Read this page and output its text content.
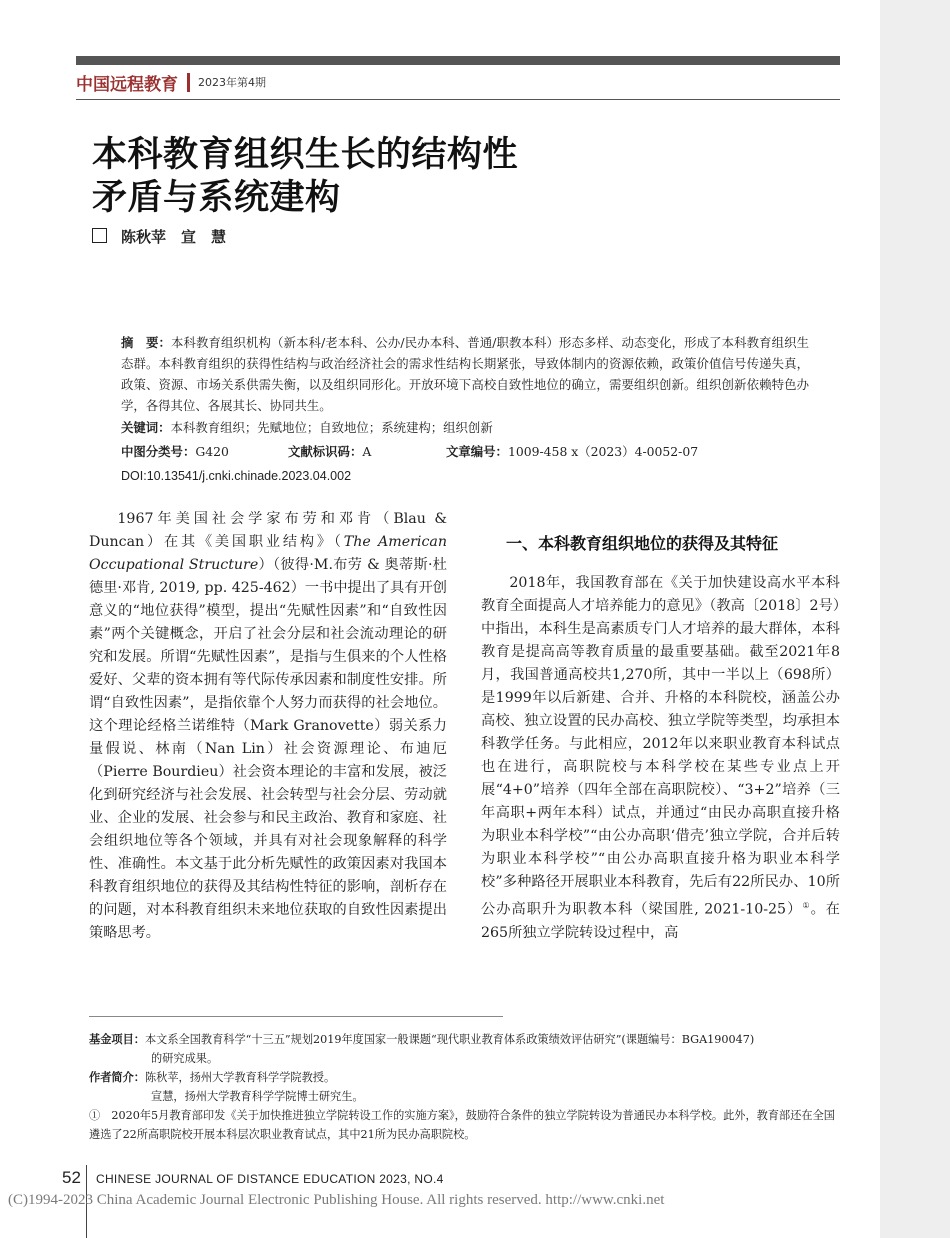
中国远程教育 2023年第4期
本科教育组织生长的结构性
矛盾与系统建构
陈秋苹　宣　慧

摘　要：本科教育组织机构（新本科/老本科、公办/民办本科、普通/职教本科）形态多样、动态变化，形成了本科教育组织生态群。本科教育组织的获得性结构与政治经济社会的需求性结构长期紧张，导致体制内的资源依赖，政策价值信号传递失真，政策、资源、市场关系供需失衡，以及组织同形化。开放环境下高校自致性地位的确立，需要组织创新。组织创新依赖特色办学，各得其位、各展其长、协同共生。

关键词：本科教育组织；先赋地位；自致地位；系统建构；组织创新

中图分类号：G420	文献标识码：A	文章编号：1009-458 x（2023）4-0052-07

DOI:10.13541/j.cnki.chinade.2023.04.002

1967年美国社会学家布劳和邓肯（Blau & Duncan）在其《美国职业结构》（The American Occupational Structure）（彼得·M.布劳 & 奥蒂斯·杜德里·邓肯, 2019, pp. 425-462）一书中提出了具有开创意义的“地位获得”模型，提出“先赋性因素”和“自致性因素”两个关键概念，开启了社会分层和社会流动理论的研究和发展。所谓“先赋性因素”，是指与生俱来的个人性格爱好、父辈的资本拥有等代际传承因素和制度性安排。所谓“自致性因素”，是指依靠个人努力而获得的社会地位。这个理论经格兰诺维特（Mark Granovette）弱关系力量假说、林南（Nan Lin）社会资源理论、布迪厄（Pierre Bourdieu）社会资本理论的丰富和发展，被泛化到研究经济与社会发展、社会转型与社会分层、劳动就业、企业的发展、社会参与和民主政治、教育和家庭、社会组织地位等各个领域，并具有对社会现象解释的科学性、准确性。本文基于此分析先赋性的政策因素对我国本科教育组织地位的获得及其结构性特征的影响，剖析存在的问题，对本科教育组织未来地位获取的自致性因素提出策略思考。

一、本科教育组织地位的获得及其特征

2018年，我国教育部在《关于加快建设高水平本科教育全面提高人才培养能力的意见》（教高〔2018〕2号）中指出，本科生是高素质专门人才培养的最大群体，本科教育是提高高等教育质量的最重要基础。截至2021年8月，我国普通高校共1,270所，其中一半以上（698所）是1999年以后新建、合并、升格的本科院校，涵盖公办高校、独立设置的民办高校、独立学院等类型，均承担本科教学任务。与此相应，2012年以来职业教育本科试点也在进行，高职院校与本科学校在某些专业点上开展“4+0”培养（四年全部在高职院校）、“3+2”培养（三年高职+两年本科）试点，并通过“由民办高职直接升格为职业本科学校”“由公办高职‘借壳’独立学院，合并后转为职业本科学校”“由公办高职直接升格为职业本科学校”多种路径开展职业本科教育，先后有22所民办、10所公办高职升为职教本科（梁国胜, 2021-10-25）①。在265所独立学院转设过程中，高

基金项目：本文系全国教育科学“十三五”规划2019年度国家一般课题“现代职业教育体系政策绩效评估研究”(课题编号：BGA190047)

的研究成果。

作者简介：陈秋苹，扬州大学教育科学学院教授。

宣慧，扬州大学教育科学学院博士研究生。

①　2020年5月教育部印发《关于加快推进独立学院转设工作的实施方案》，鼓励符合条件的独立学院转设为普通民办本科学校。此外，教育部还在全国遴选了22所高职院校开展本科层次职业教育试点，其中21所为民办高职院校。

52 CHINESE JOURNAL OF DISTANCE EDUCATION 2023, NO.4
(C)1994-2023 China Academic Journal Electronic Publishing House. All rights reserved. http://www.cnki.net
